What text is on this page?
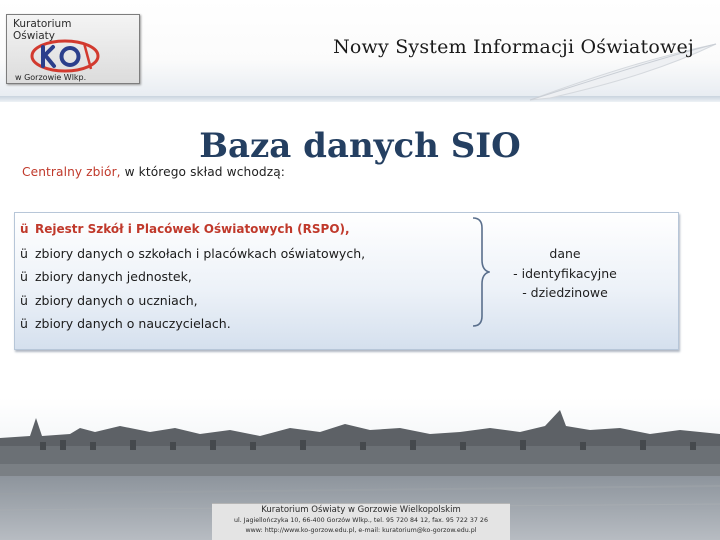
Kuratorium
Oświaty
w Gorzowie Wlkp.
Nowy System Informacji Oświatowej
Baza danych SIO
Centralny zbiór, w którego skład wchodzą:
ü Rejestr Szkół i Placówek Oświatowych (RSPO),
ü zbiory danych o szkołach i placówkach oświatowych,
ü zbiory danych jednostek,
ü zbiory danych o uczniach,
ü zbiory danych o nauczycielach.
dane
- identyfikacyjne
- dziedzinowe
Kuratorium Oświaty w Gorzowie Wielkopolskim
ul. Jagiellończyka 10, 66-400 Gorzów Wlkp., tel. 95 720 84 12, fax. 95 722 37 26
www: http://www.ko-gorzow.edu.pl, e-mail: kuratorium@ko-gorzow.edu.pl
